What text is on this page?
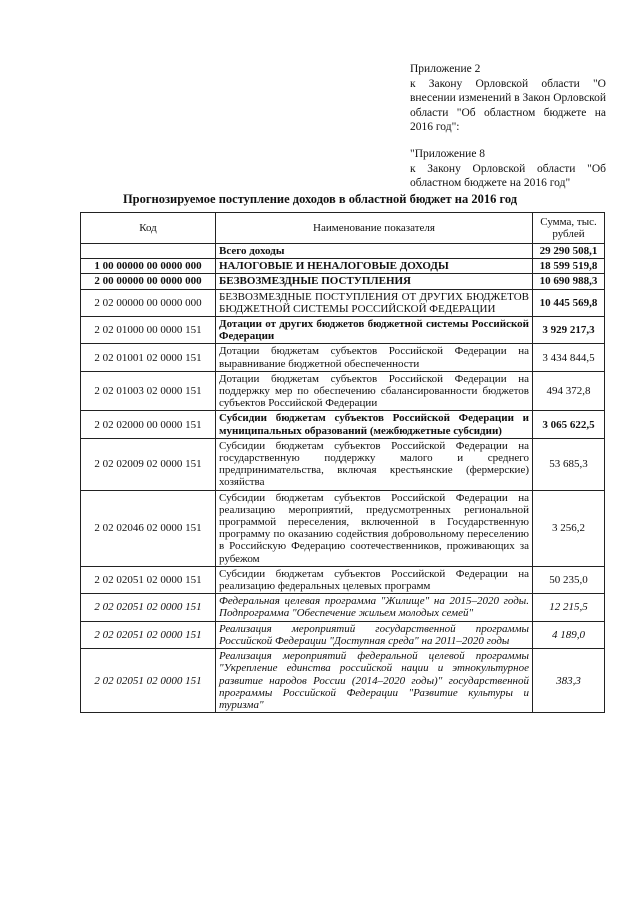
Приложение 2
к Закону Орловской области "О внесении изменений в Закон Орловской области "Об областном бюджете на 2016 год":
"Приложение 8
к Закону Орловской области "Об областном бюджете на 2016 год"
Прогнозируемое поступление доходов в областной бюджет на 2016 год
Код	Наименование показателя	Сумма, тыс. рублей
	Всего доходы	29 290 508,1
1 00 00000 00 0000 000	НАЛОГОВЫЕ И НЕНАЛОГОВЫЕ ДОХОДЫ	18 599 519,8
2 00 00000 00 0000 000	БЕЗВОЗМЕЗДНЫЕ ПОСТУПЛЕНИЯ	10 690 988,3
2 02 00000 00 0000 000	БЕЗВОЗМЕЗДНЫЕ ПОСТУПЛЕНИЯ ОТ ДРУГИХ БЮДЖЕТОВ БЮДЖЕТНОЙ СИСТЕМЫ РОССИЙСКОЙ ФЕДЕРАЦИИ	10 445 569,8
2 02 01000 00 0000 151	Дотации от других бюджетов бюджетной системы Российской Федерации	3 929 217,3
2 02 01001 02 0000 151	Дотации бюджетам субъектов Российской Федерации на выравнивание бюджетной обеспеченности	3 434 844,5
2 02 01003 02 0000 151	Дотации бюджетам субъектов Российской Федерации на поддержку мер по обеспечению сбалансированности бюджетов субъектов Российской Федерации	494 372,8
2 02 02000 00 0000 151	Субсидии бюджетам субъектов Российской Федерации и муниципальных образований (межбюджетные субсидии)	3 065 622,5
2 02 02009 02 0000 151	Субсидии бюджетам субъектов Российской Федерации на государственную поддержку малого и среднего предпринимательства, включая крестьянские (фермерские) хозяйства	53 685,3
2 02 02046 02 0000 151	Субсидии бюджетам субъектов Российской Федерации на реализацию мероприятий, предусмотренных региональной программой переселения, включенной в Государственную программу по оказанию содействия добровольному переселению в Российскую Федерацию соотечественников, проживающих за рубежом	3 256,2
2 02 02051 02 0000 151	Субсидии бюджетам субъектов Российской Федерации на реализацию федеральных целевых программ	50 235,0
2 02 02051 02 0000 151	Федеральная целевая программа "Жилище" на 2015–2020 годы. Подпрограмма "Обеспечение жильем молодых семей"	12 215,5
2 02 02051 02 0000 151	Реализация мероприятий государственной программы Российской Федерации "Доступная среда" на 2011–2020 годы	4 189,0
2 02 02051 02 0000 151	Реализация мероприятий федеральной целевой программы "Укрепление единства российской нации и этнокультурное развитие народов России (2014–2020 годы)" государственной программы Российской Федерации "Развитие культуры и туризма"	383,3
